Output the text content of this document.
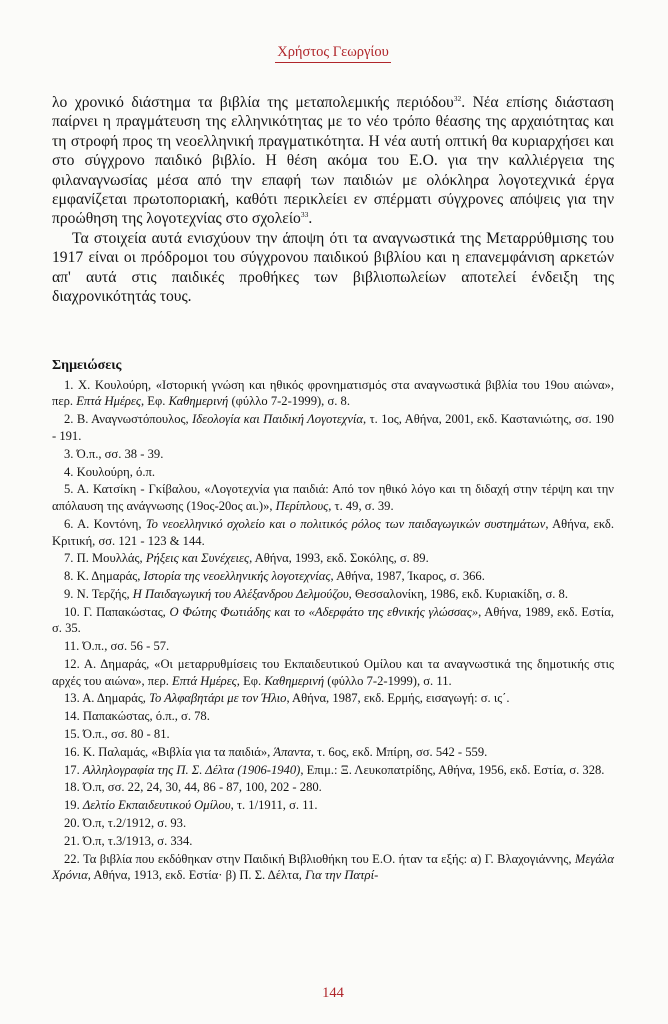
Χρήστος Γεωργίου

λο χρονικό διάστημα τα βιβλία της μεταπολεμικής περιόδου$^{32}$. Νέα επίσης διάσταση παίρνει η πραγμάτευση της ελληνικότητας με το νέο τρόπο θέασης της αρχαιότητας και τη στροφή προς τη νεοελληνική πραγματικότητα. Η νέα αυτή οπτική θα κυριαρχήσει και στο σύγχρονο παιδικό βιβλίο. Η θέση ακόμα του Ε.Ο. για την καλλιέργεια της φιλαναγνωσίας μέσα από την επαφή των παιδιών με ολόκληρα λογοτεχνικά έργα εμφανίζεται πρωτοποριακή, καθότι περικλείει εν σπέρματι σύγχρονες απόψεις για την προώθηση της λογοτεχνίας στο σχολείο$^{33}$.

Τα στοιχεία αυτά ενισχύουν την άποψη ότι τα αναγνωστικά της Μεταρρύθμισης του 1917 είναι οι πρόδρομοι του σύγχρονου παιδικού βιβλίου και η επανεμφάνιση αρκετών απ' αυτά στις παιδικές προθήκες των βιβλιοπωλείων αποτελεί ένδειξη της διαχρονικότητάς τους.

Σημειώσεις

1. Χ. Κουλούρη, «Ιστορική γνώση και ηθικός φρονηματισμός στα αναγνωστικά βιβλία του 19ου αιώνα», περ. Επτά Ημέρες, Εφ. Καθημερινή (φύλλο 7-2-1999), σ. 8.

2. Β. Αναγνωστόπουλος, Ιδεολογία και Παιδική Λογοτεχνία, τ. 1ος, Αθήνα, 2001, εκδ. Καστανιώτης, σσ. 190 - 191.

3. Ό.π., σσ. 38 - 39.

4. Κουλούρη, ό.π.

5. Α. Κατσίκη - Γκίβαλου, «Λογοτεχνία για παιδιά: Από τον ηθικό λόγο και τη διδαχή στην τέρψη και την απόλαυση της ανάγνωσης (19ος-20ος αι.)», Περίπλους, τ. 49, σ. 39.

6. Α. Κοντόνη, Το νεοελληνικό σχολείο και ο πολιτικός ρόλος των παιδαγωγικών συστημάτων, Αθήνα, εκδ. Κριτική, σσ. 121 - 123 & 144.

7. Π. Μουλλάς, Ρήξεις και Συνέχειες, Αθήνα, 1993, εκδ. Σοκόλης, σ. 89.

8. Κ. Δημαράς, Ιστορία της νεοελληνικής λογοτεχνίας, Αθήνα, 1987, Ίκαρος, σ. 366.

9. Ν. Τερζής, Η Παιδαγωγική του Αλέξανδρου Δελμούζου, Θεσσαλονίκη, 1986, εκδ. Κυριακίδη, σ. 8.

10. Γ. Παπακώστας, Ο Φώτης Φωτιάδης και το «Αδερφάτο της εθνικής γλώσσας», Αθήνα, 1989, εκδ. Εστία, σ. 35.

11. Ό.π., σσ. 56 - 57.

12. Α. Δημαράς, «Οι μεταρρυθμίσεις του Εκπαιδευτικού Ομίλου και τα αναγνωστικά της δημοτικής στις αρχές του αιώνα», περ. Επτά Ημέρες, Εφ. Καθημερινή (φύλλο 7-2-1999), σ. 11.

13. Α. Δημαράς, Το Αλφαβητάρι με τον Ήλιο, Αθήνα, 1987, εκδ. Ερμής, εισαγωγή: σ. ις΄.

14. Παπακώστας, ό.π., σ. 78.

15. Ό.π., σσ. 80 - 81.

16. Κ. Παλαμάς, «Βιβλία για τα παιδιά», Άπαντα, τ. 6ος, εκδ. Μπίρη, σσ. 542 - 559.

17. Αλληλογραφία της Π. Σ. Δέλτα (1906-1940), Επιμ.: Ξ. Λευκοπατρίδης, Αθήνα, 1956, εκδ. Εστία, σ. 328.

18. Ό.π, σσ. 22, 24, 30, 44, 86 - 87, 100, 202 - 280.

19. Δελτίο Εκπαιδευτικού Ομίλου, τ. 1/1911, σ. 11.

20. Ό.π, τ.2/1912, σ. 93.

21. Ό.π, τ.3/1913, σ. 334.

22. Τα βιβλία που εκδόθηκαν στην Παιδική Βιβλιοθήκη του Ε.Ο. ήταν τα εξής: α) Γ. Βλαχογιάννης, Μεγάλα Χρόνια, Αθήνα, 1913, εκδ. Εστία· β) Π. Σ. Δέλτα, Για την Πατρί-

144
